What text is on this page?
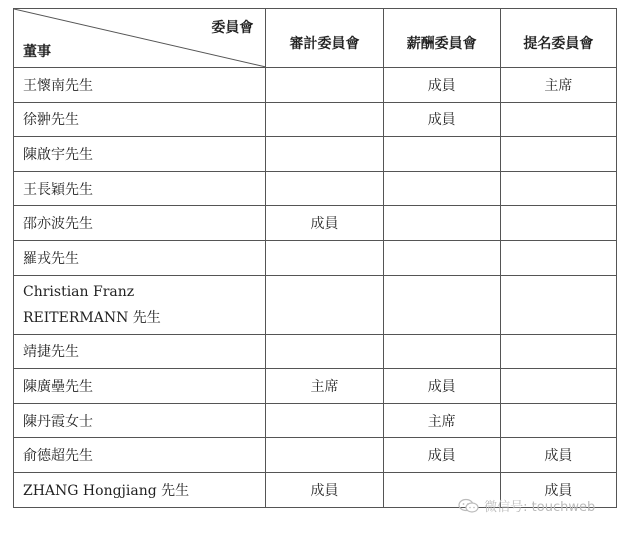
委員會
董事	審計委員會	薪酬委員會	提名委員會
王懷南先生		成員	主席
徐翀先生		成員	
陳啟宇先生			
王長穎先生			
邵亦波先生	成員		
羅戎先生			

Christian Franz
REITERMANN 先生			

靖捷先生			
陳廣壘先生	主席	成員	
陳丹霞女士		主席	
俞德超先生		成員	成員
ZHANG Hongjiang 先生	成員		成員
微信号: touchweb
